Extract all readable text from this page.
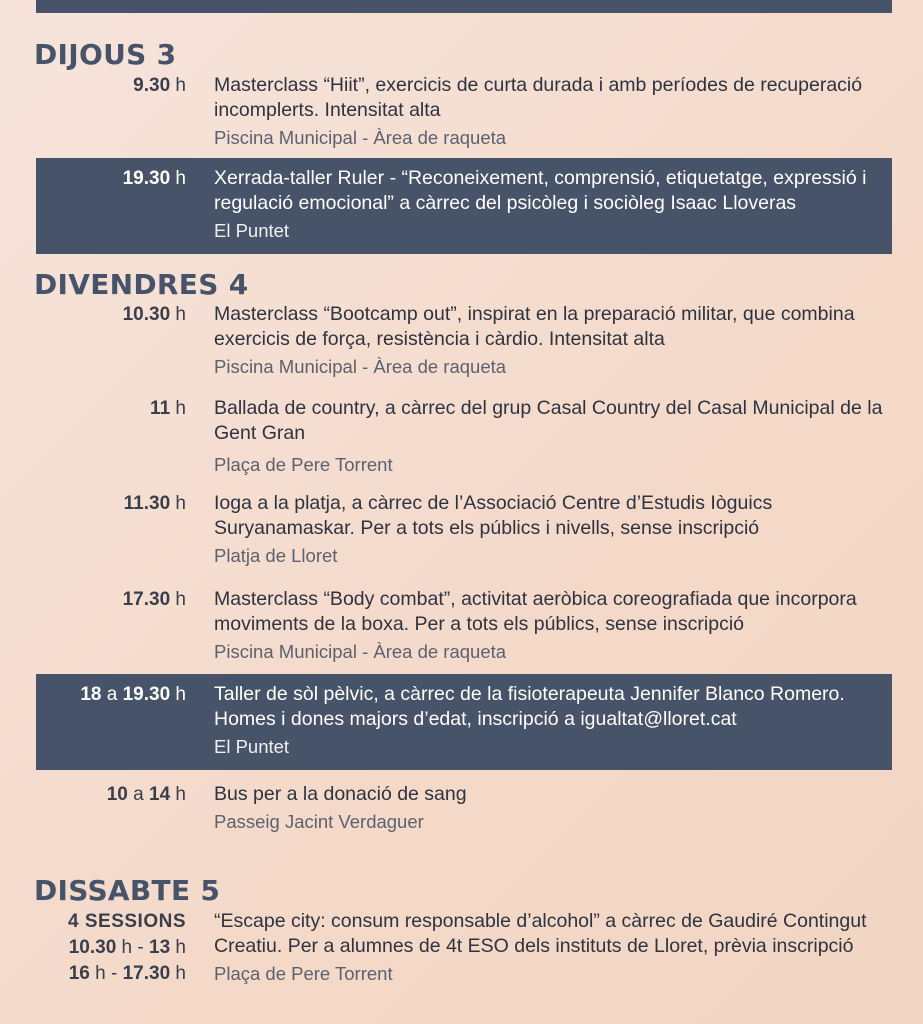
DIJOUS 3
9.30 h Masterclass “Hiit”, exercicis de curta durada i amb períodes de recuperació incomplerts. Intensitat alta
Piscina Municipal - Àrea de raqueta
19.30 h Xerrada-taller Ruler - “Reconeixement, comprensió, etiquetatge, expressió i regulació emocional” a càrrec del psicòleg i sociòleg Isaac Lloveras
El Puntet
DIVENDRES 4
10.30 h Masterclass “Bootcamp out”, inspirat en la preparació militar, que combina exercicis de força, resistència i càrdio. Intensitat alta
Piscina Municipal - Àrea de raqueta
11 h Ballada de country, a càrrec del grup Casal Country del Casal Municipal de la Gent Gran
Plaça de Pere Torrent
11.30 h Ioga a la platja, a càrrec de l’Associació Centre d’Estudis Iòguics Suryanamaskar. Per a tots els públics i nivells, sense inscripció
Platja de Lloret
17.30 h Masterclass “Body combat”, activitat aeròbica coreografiada que incorpora moviments de la boxa. Per a tots els públics, sense inscripció
Piscina Municipal - Àrea de raqueta
18 a 19.30 h Taller de sòl pèlvic, a càrrec de la fisioterapeuta Jennifer Blanco Romero. Homes i dones majors d’edat, inscripció a igualtat@lloret.cat
El Puntet
10 a 14 h Bus per a la donació de sang
Passeig Jacint Verdaguer
DISSABTE 5
4 SESSIONS
10.30 h - 13 h
16 h - 17.30 h
“Escape city: consum responsable d’alcohol” a càrrec de Gaudiré Contingut Creatiu. Per a alumnes de 4t ESO dels instituts de Lloret, prèvia inscripció
Plaça de Pere Torrent
